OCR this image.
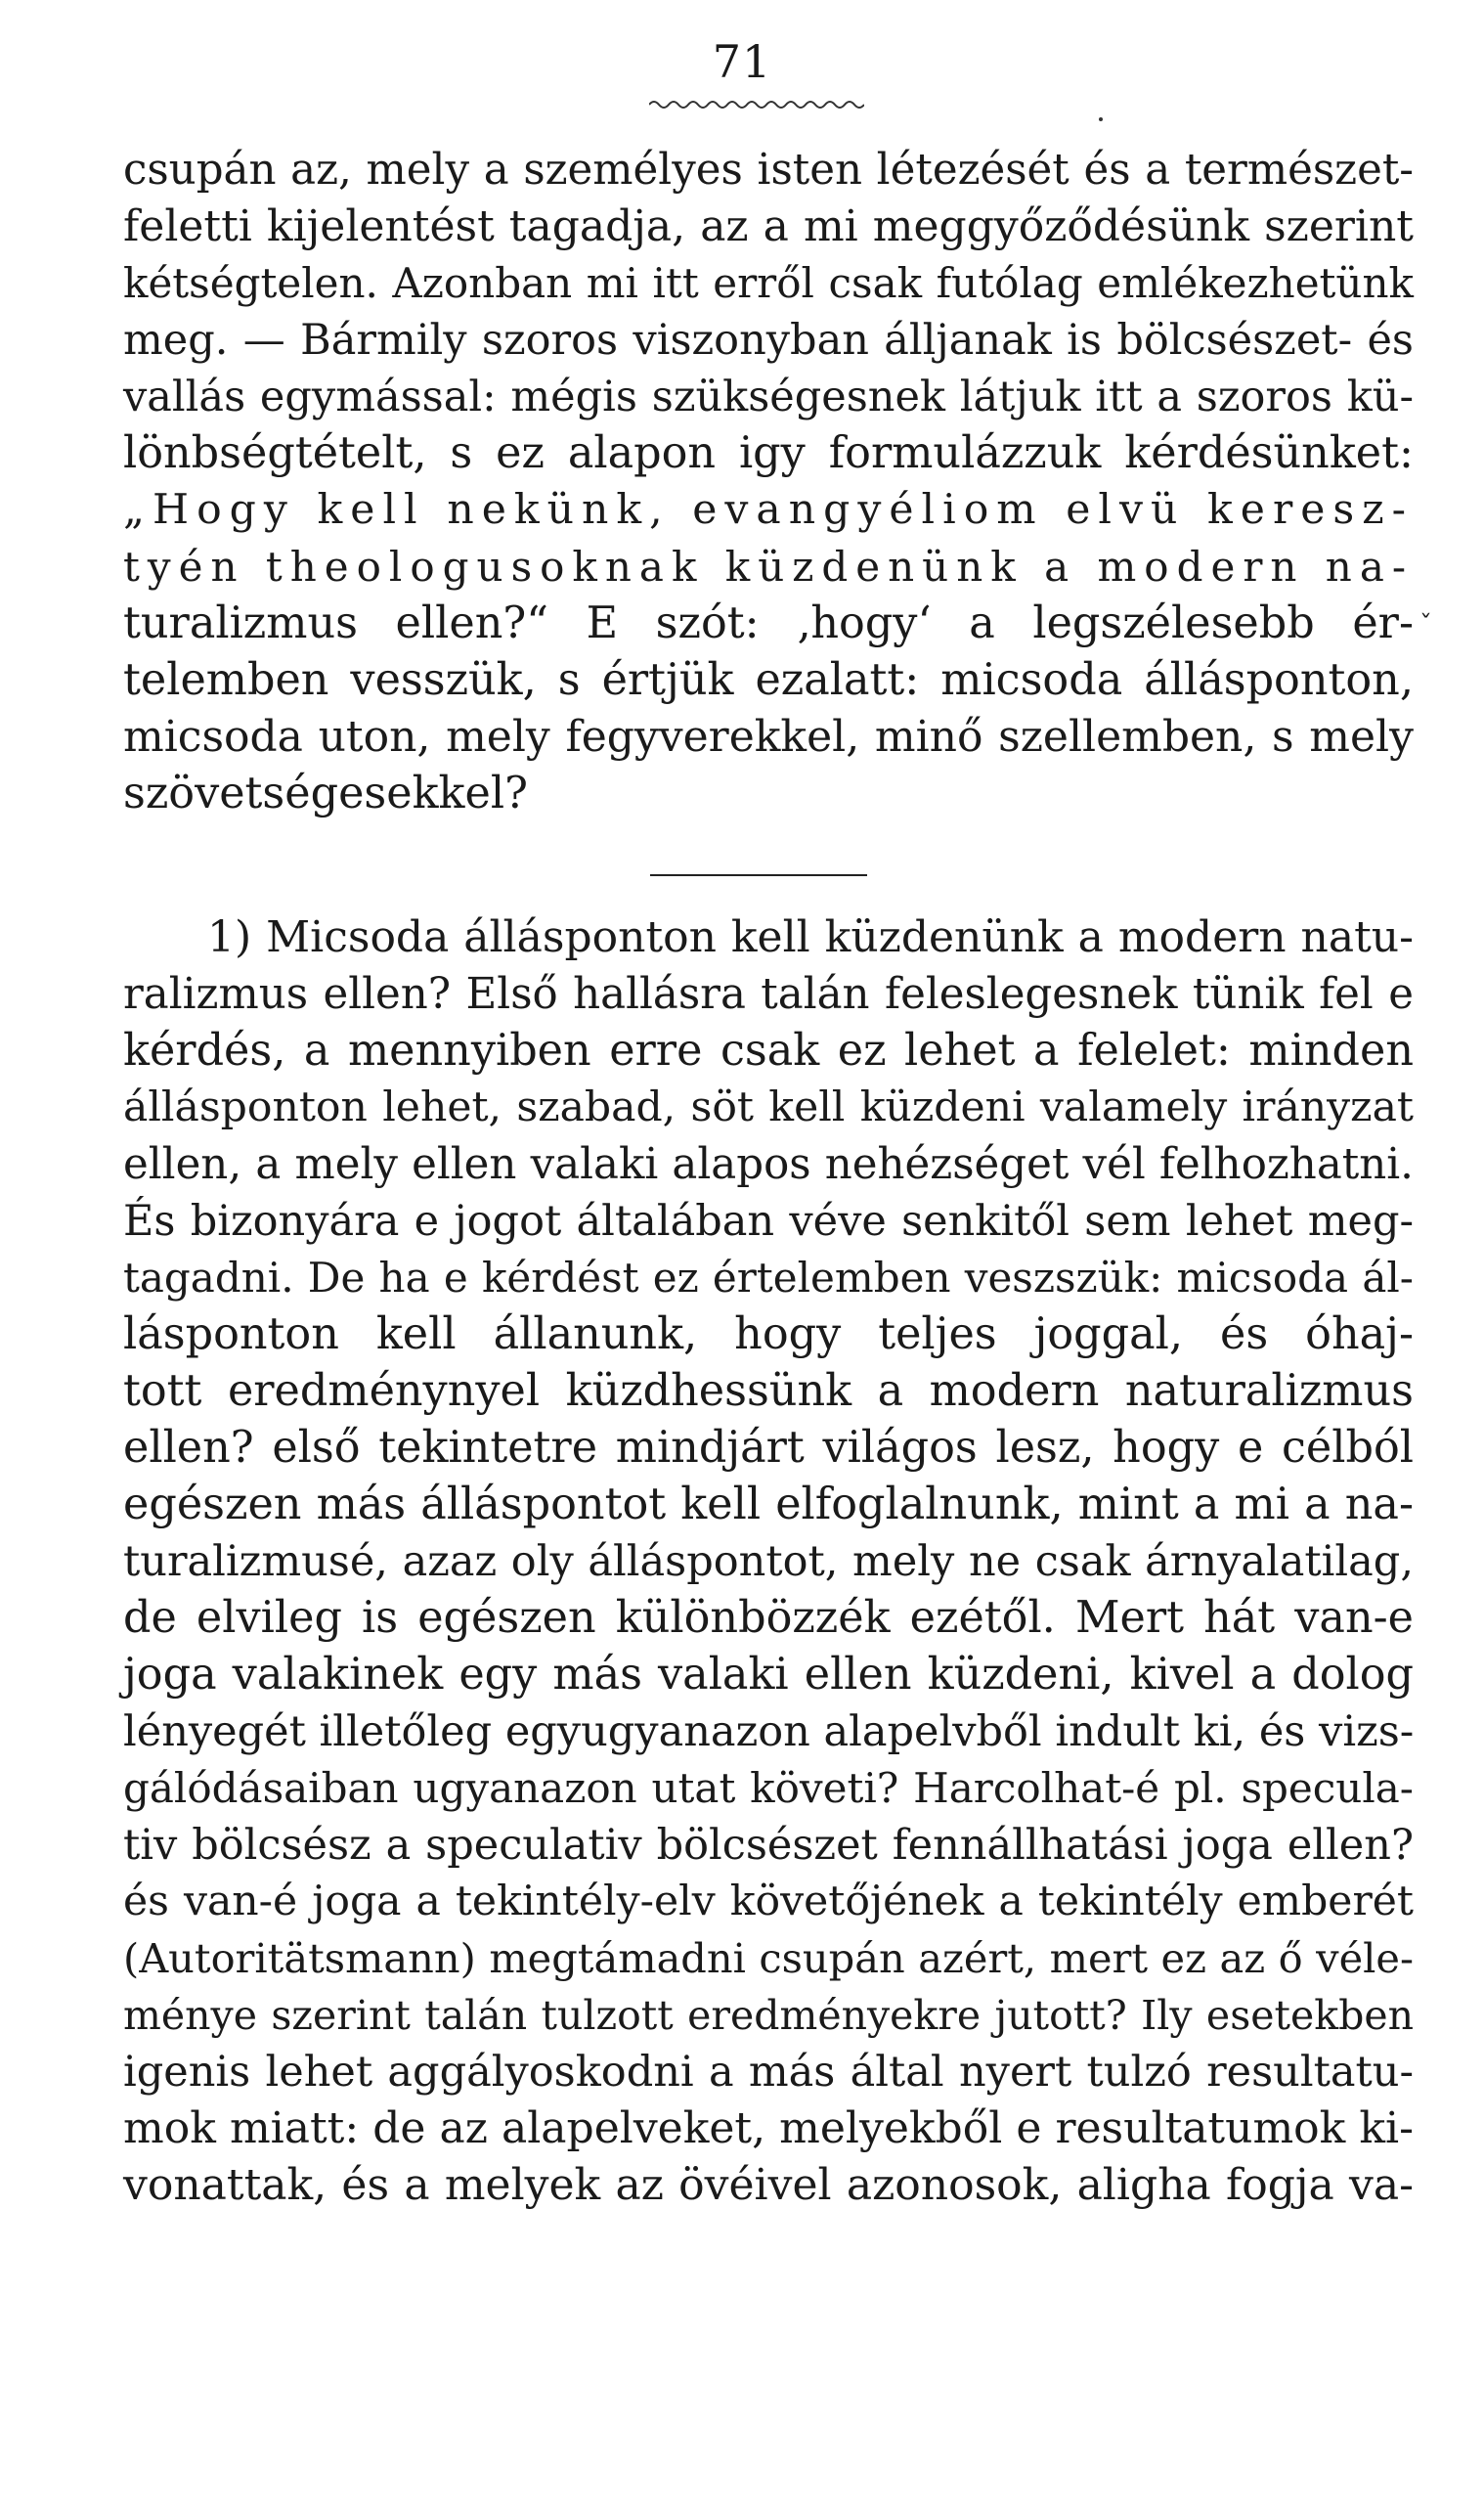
71
csupán az, mely a személyes isten létezését és a természet-
feletti kijelentést tagadja, az a mi meggyőződésünk szerint
kétségtelen. Azonban mi itt erről csak futólag emlékezhetünk
meg. — Bármily szoros viszonyban álljanak is bölcsészet- és
vallás egymással: mégis szükségesnek látjuk itt a szoros kü-
lönbségtételt, s ez alapon igy formulázzuk kérdésünket:
„Hogy kell nekünk, evangyéliom elvü keresz-
tyén theologusoknak küzdenünk a modern na-
turalizmus ellen?“ E szót: ‚hogy‘ a legszélesebb ér-
telemben vesszük, s értjük ezalatt: micsoda állásponton,
micsoda uton, mely fegyverekkel, minő szellemben, s mely
szövetségesekkel?
˯
1) Micsoda állásponton kell küzdenünk a modern natu-
ralizmus ellen? Első hallásra talán feleslegesnek tünik fel e
kérdés, a mennyiben erre csak ez lehet a felelet: minden
állásponton lehet, szabad, söt kell küzdeni valamely irányzat
ellen, a mely ellen valaki alapos nehézséget vél felhozhatni.
És bizonyára e jogot általában véve senkitől sem lehet meg-
tagadni. De ha e kérdést ez értelemben veszszük: micsoda ál-
lásponton kell állanunk, hogy teljes joggal, és óhaj-
tott eredménynyel küzdhessünk a modern naturalizmus
ellen? első tekintetre mindjárt világos lesz, hogy e célból
egészen más álláspontot kell elfoglalnunk, mint a mi a na-
turalizmusé, azaz oly álláspontot, mely ne csak árnyalatilag,
de elvileg is egészen különbözzék ezétől. Mert hát van-e
joga valakinek egy más valaki ellen küzdeni, kivel a dolog
lényegét illetőleg egyugyanazon alapelvből indult ki, és vizs-
gálódásaiban ugyanazon utat követi? Harcolhat-é pl. specula-
tiv bölcsész a speculativ bölcsészet fennállhatási joga ellen?
és van-é joga a tekintély-elv követőjének a tekintély emberét
(Autoritätsmann) megtámadni csupán azért, mert ez az ő véle-
ménye szerint talán tulzott eredményekre jutott? Ily esetekben
igenis lehet aggályoskodni a más által nyert tulzó resultatu-
mok miatt: de az alapelveket, melyekből e resultatumok ki-
vonattak, és a melyek az övéivel azonosok, aligha fogja va-
